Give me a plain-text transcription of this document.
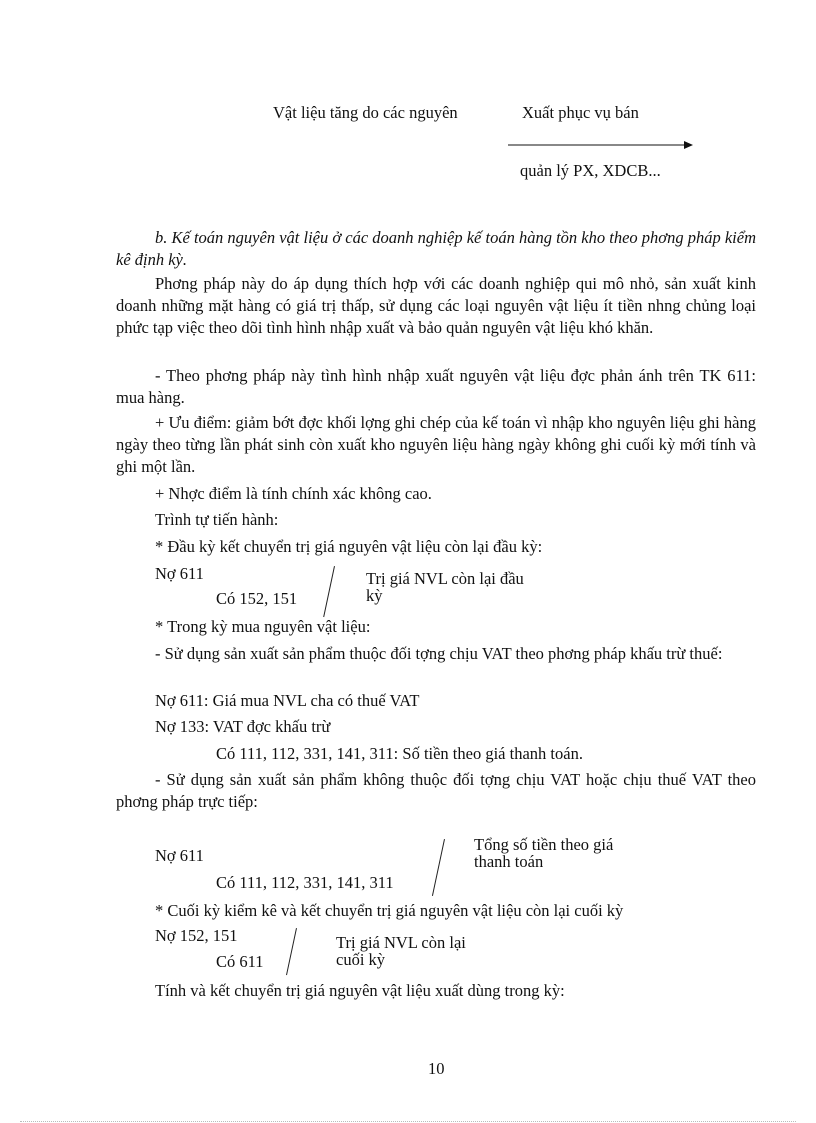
Vật liệu tăng do các nguyên	Xuất phục vụ bán
quản lý PX, XDCB...

b. Kế toán nguyên vật liệu ở các doanh nghiệp kế toán hàng tồn kho theo phơng pháp kiểm kê định kỳ.

Phơng pháp này do áp dụng thích hợp với các doanh nghiệp qui mô nhỏ, sản xuất kinh doanh những mặt hàng có giá trị thấp, sử dụng các loại nguyên vật liệu ít tiền nhng chủng loại phức tạp việc theo dõi tình hình nhập xuất và bảo quản nguyên vật liệu khó khăn.

- Theo phơng pháp này tình hình nhập xuất nguyên vật liệu đợc phản ánh trên TK 611: mua hàng.

+ Ưu điểm: giảm bớt đợc khối lợng ghi chép của kế toán vì nhập kho nguyên liệu ghi hàng ngày theo từng lần phát sinh còn xuất kho nguyên liệu hàng ngày không ghi cuối kỳ mới tính và ghi một lần.

+ Nhợc điểm là tính chính xác không cao.

Trình tự tiến hành:

* Đầu kỳ kết chuyển trị giá nguyên vật liệu còn lại đầu kỳ:

Nợ 611
Có 152, 151
Trị giá NVL còn lại đầu
kỳ

* Trong kỳ mua nguyên vật liệu:

- Sử dụng sản xuất sản phẩm thuộc đối tợng chịu VAT theo phơng pháp khấu trừ thuế:

Nợ 611: Giá mua NVL cha có thuế VAT

Nợ 133: VAT đợc khấu trừ

Có 111, 112, 331, 141, 311: Số tiền theo giá thanh toán.

- Sử dụng sản xuất sản phẩm không thuộc đối tợng chịu VAT hoặc chịu thuế VAT theo phơng pháp trực tiếp:

Nợ 611
Có 111, 112, 331, 141, 311
Tổng số tiền theo giá
thanh toán

* Cuối kỳ kiểm kê và kết chuyển trị giá nguyên vật liệu còn lại cuối kỳ

Nợ 152, 151
Có 611
Trị giá NVL còn lại
cuối kỳ

Tính và kết chuyển trị giá nguyên vật liệu xuất dùng trong kỳ:

10
